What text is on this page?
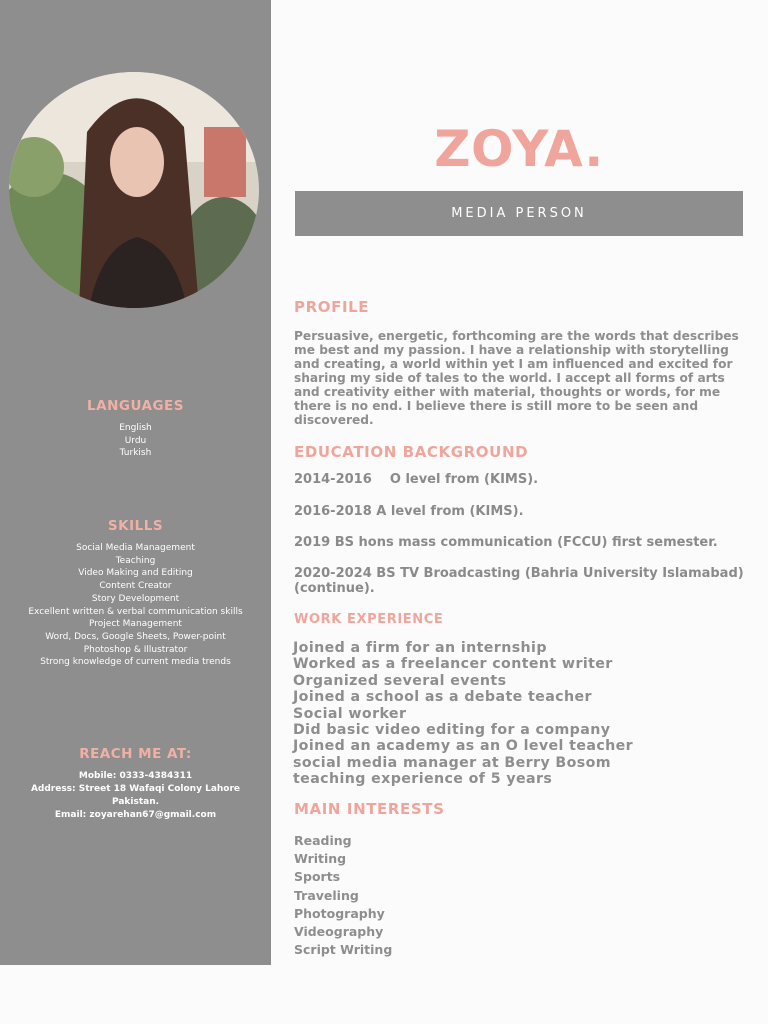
LANGUAGES
English
Urdu
Turkish
SKILLS
Social Media Management
Teaching
Video Making and Editing
Content Creator
Story Development
Excellent written & verbal communication skills
Project Management
Word, Docs, Google Sheets, Power-point
Photoshop & Illustrator
Strong knowledge of current media trends
REACH ME AT:
Mobile: 0333-4384311
Address: Street 18 Wafaqi Colony Lahore Pakistan.
Email: zoyarehan67@gmail.com
ZOYA.
MEDIA PERSON
PROFILE
Persuasive, energetic, forthcoming are the words that describes me best and my passion. I have a relationship with storytelling and creating, a world within yet I am influenced and excited for sharing my side of tales to the world. I accept all forms of arts and creativity either with material, thoughts or words, for me there is no end. I believe there is still more to be seen and discovered.
EDUCATION BACKGROUND
2014-2016    O level from (KIMS).
2016-2018 A level from (KIMS).
2019 BS hons mass communication (FCCU) first semester.
2020-2024 BS TV Broadcasting (Bahria University Islamabad) (continue).
WORK EXPERIENCE
Joined a firm for an internship
Worked as a freelancer content writer
Organized several events
Joined a school as a debate teacher
Social worker
Did basic video editing for a company
Joined an academy as an O level teacher
social media manager at Berry Bosom
teaching experience of 5 years
MAIN INTERESTS
Reading
Writing
Sports
Traveling
Photography
Videography
Script Writing
